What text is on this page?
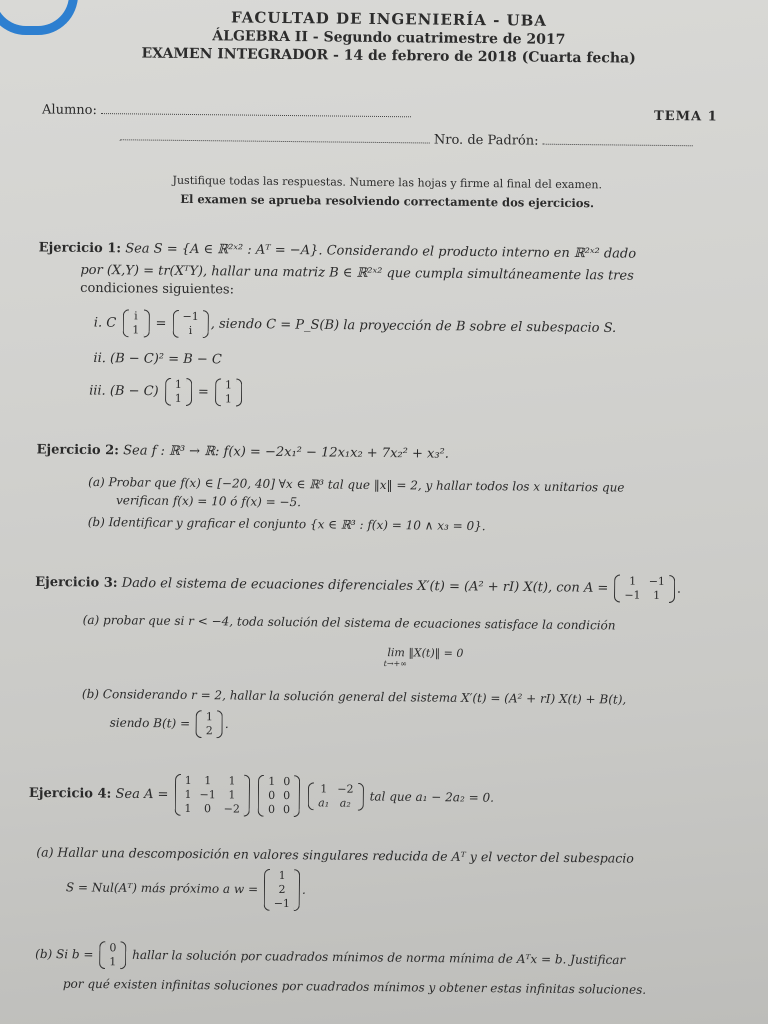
FACULTAD DE INGENIERÍA - UBA
ÁLGEBRA II - Segundo cuatrimestre de 2017
EXAMEN INTEGRADOR - 14 de febrero de 2018 (Cuarta fecha)
Alumno:	TEMA 1
Nro. de Padrón:
Justifique todas las respuestas. Numere las hojas y firme al final del examen.
El examen se aprueba resolviendo correctamente dos ejercicios.
Ejercicio 1: Sea S = {A ∈ ℝ²ˣ² : Aᵀ = −A}. Considerando el producto interno en ℝ²ˣ² dado
por (X,Y) = tr(XᵀY), hallar una matriz B ∈ ℝ²ˣ² que cumpla simultáneamente las tres
condiciones siguientes:
i. C i
1 = −1
i , siendo C = P_S(B) la proyección de B sobre el subespacio S.
ii. (B − C)² = B − C
iii. (B − C) 1
1 = 1
1
Ejercicio 2: Sea f : ℝ³ → ℝ: f(x) = −2x₁² − 12x₁x₂ + 7x₂² + x₃².
(a) Probar que f(x) ∈ [−20, 40] ∀x ∈ ℝ³ tal que ‖x‖ = 2, y hallar todos los x unitarios que
verifican f(x) = 10 ó f(x) = −5.
(b) Identificar y graficar el conjunto {x ∈ ℝ³ : f(x) = 10 ∧ x₃ = 0}.
Ejercicio 3: Dado el sistema de ecuaciones diferenciales X′(t) = (A² + rI) X(t), con A = 1	−1
−1	1 .
(a) probar que si r < −4, toda solución del sistema de ecuaciones satisface la condición
lim ‖X(t)‖ = 0
t→+∞
(b) Considerando r = 2, hallar la solución general del sistema X′(t) = (A² + rI) X(t) + B(t),
siendo B(t) = 1
2 .
Ejercicio 4: Sea A =
1	1	1
1	−1	1
1	0	−2

1	0
0	0
0	0

1	−2
a₁	a₂ tal que a₁ − 2a₂ = 0.
(a) Hallar una descomposición en valores singulares reducida de Aᵀ y el vector del subespacio
S = Nul(Aᵀ) más próximo a w =
1
2
−1
.
(b) Si b = 0
1 hallar la solución por cuadrados mínimos de norma mínima de Aᵀx = b. Justificar
por qué existen infinitas soluciones por cuadrados mínimos y obtener estas infinitas soluciones.
